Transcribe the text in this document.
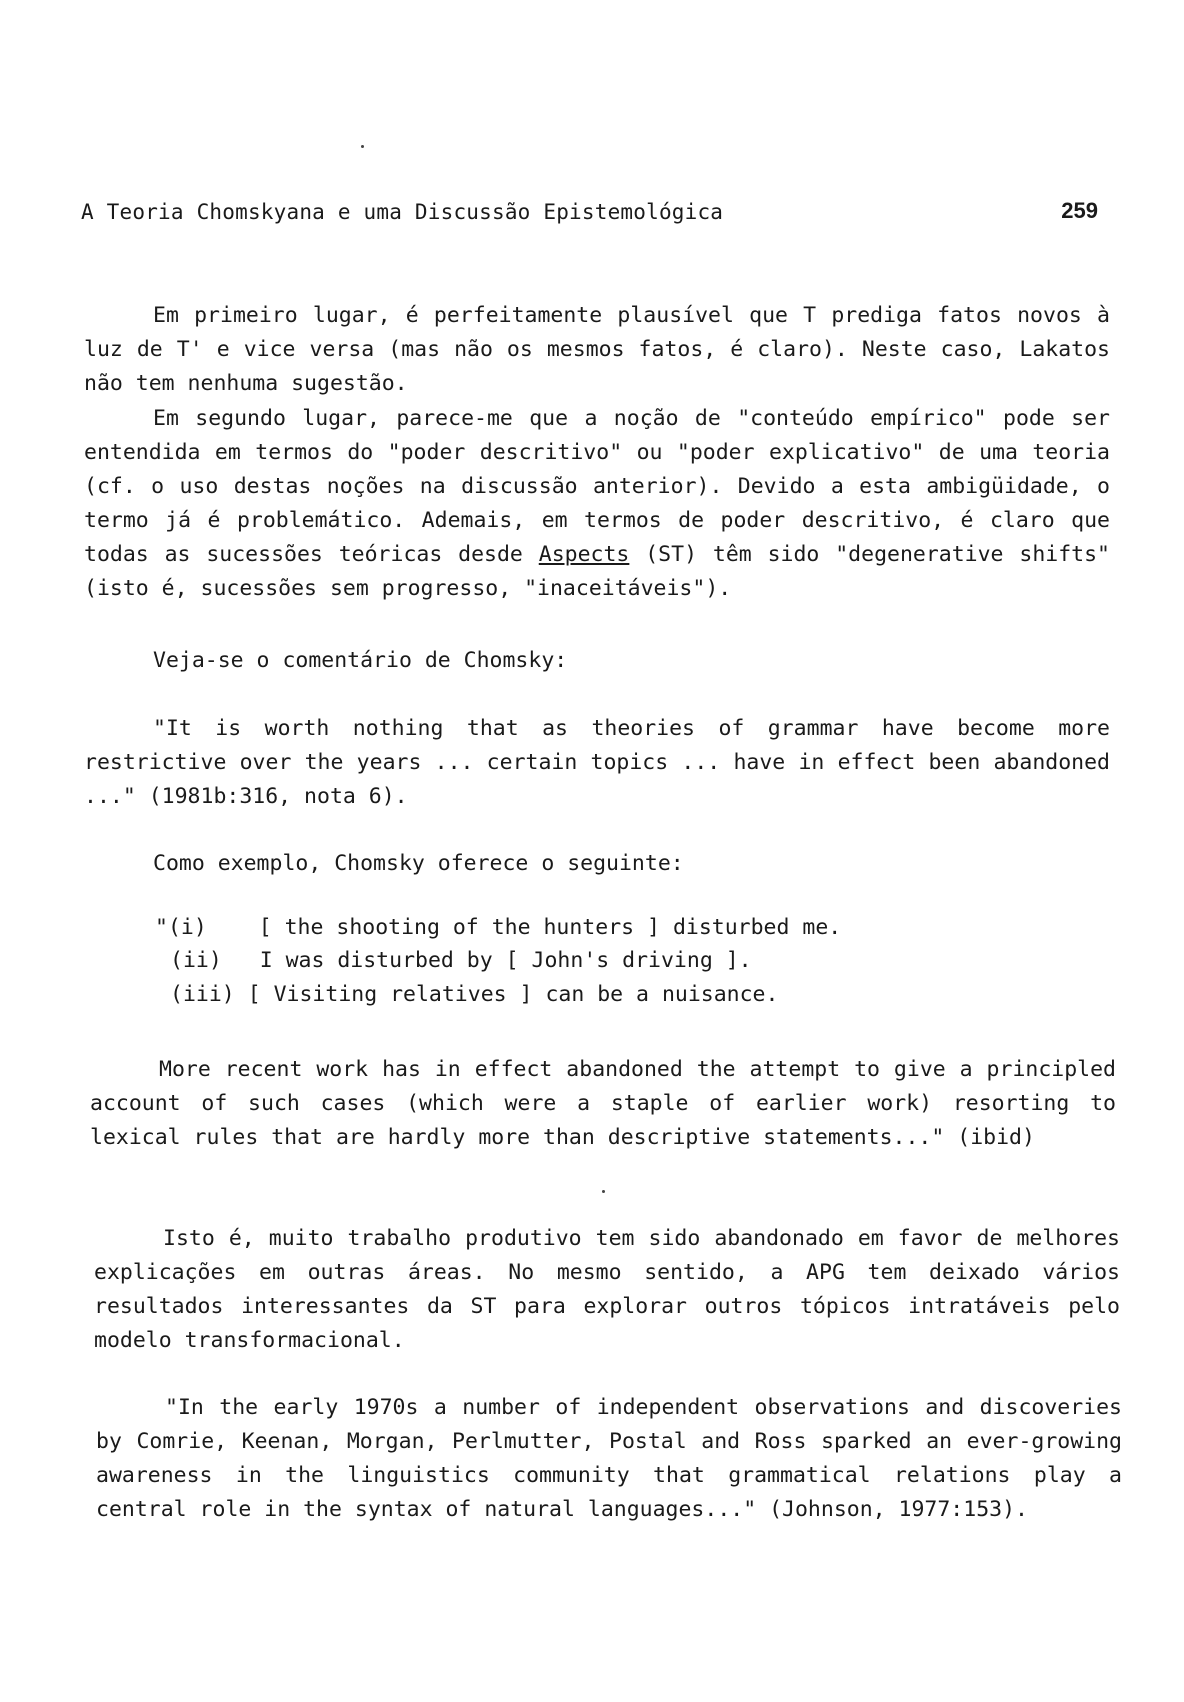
A Teoria Chomskyana e uma Discussão Epistemológica	259
Em primeiro lugar, é perfeitamente plausível que T prediga fatos novos à luz de T' e vice versa (mas não os mesmos fatos, é claro). Neste caso, Lakatos não tem nenhuma sugestão.
Em segundo lugar, parece-me que a noção de "conteúdo empírico" pode ser entendida em termos do "poder descritivo" ou "poder explicativo" de uma teoria (cf. o uso destas noções na discussão anterior). Devido a esta ambigüidade, o termo já é problemático. Ademais, em termos de poder descritivo, é claro que todas as sucessões teóricas desde Aspects (ST) têm sido "degenerative shifts" (isto é, sucessões sem progresso, "inaceitáveis").
Veja-se o comentário de Chomsky:
"It is worth nothing that as theories of grammar have become more restrictive over the years ... certain topics ... have in effect been abandoned ..." (1981b:316, nota 6).
Como exemplo, Chomsky oferece o seguinte:
"(i) [ the shooting of the hunters ] disturbed me.
(ii) I was disturbed by [ John's driving ].
(iii) [ Visiting relatives ] can be a nuisance.
More recent work has in effect abandoned the attempt to give a principled account of such cases (which were a staple of earlier work) resorting to lexical rules that are hardly more than descriptive statements..." (ibid)
Isto é, muito trabalho produtivo tem sido abandonado em favor de melhores explicações em outras áreas. No mesmo sentido, a APG tem deixado vários resultados interessantes da ST para explorar outros tópicos intratáveis pelo modelo transformacional.
"In the early 1970s a number of independent observations and discoveries by Comrie, Keenan, Morgan, Perlmutter, Postal and Ross sparked an ever-growing awareness in the linguistics community that grammatical relations play a central role in the syntax of natural languages..." (Johnson, 1977:153).
